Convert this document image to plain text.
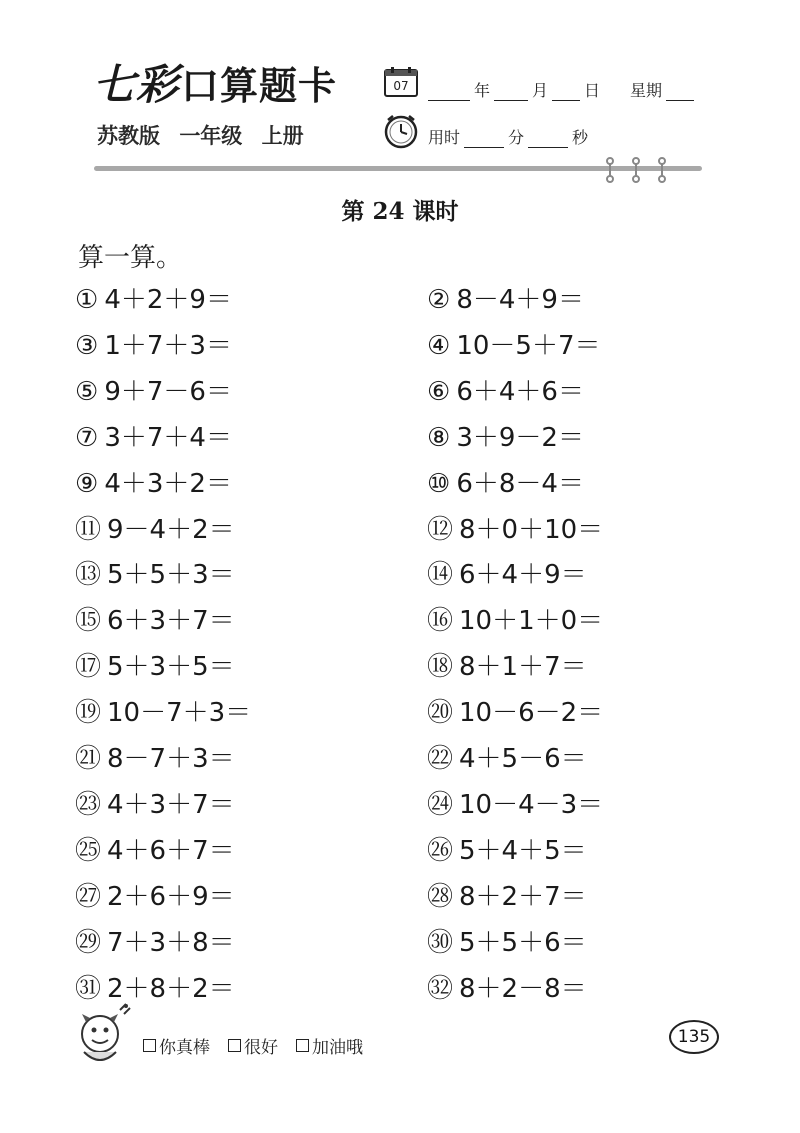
七彩口算题卡
苏教版 一年级 上册
07	年	月 日 星期
用时	分	秒
第 24 课时
算一算。
① 4＋2＋9＝	② 8－4＋9＝
③ 1＋7＋3＝	④ 10－5＋7＝
⑤ 9＋7－6＝	⑥ 6＋4＋6＝
⑦ 3＋7＋4＝	⑧ 3＋9－2＝
⑨ 4＋3＋2＝	⑩ 6＋8－4＝
⑪ 9－4＋2＝	⑫ 8＋0＋10＝
⑬ 5＋5＋3＝	⑭ 6＋4＋9＝
⑮ 6＋3＋7＝	⑯ 10＋1＋0＝
⑰ 5＋3＋5＝	⑱ 8＋1＋7＝
⑲ 10－7＋3＝	⑳ 10－6－2＝
㉑ 8－7＋3＝	㉒ 4＋5－6＝
㉓ 4＋3＋7＝	㉔ 10－4－3＝
㉕ 4＋6＋7＝	㉖ 5＋4＋5＝
㉗ 2＋6＋9＝	㉘ 8＋2＋7＝
㉙ 7＋3＋8＝	㉚ 5＋5＋6＝
㉛ 2＋8＋2＝	㉜ 8＋2－8＝
你真棒 很好 加油哦
135
